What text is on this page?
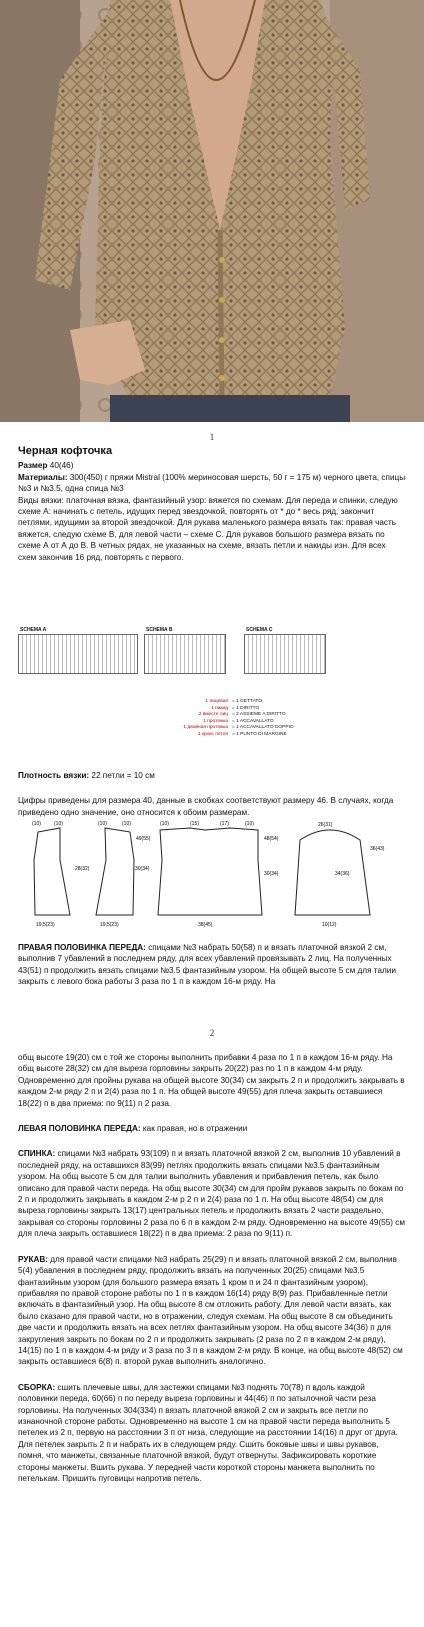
1
Черная кофточка

Размер 40(46)

Материалы: 300(450) г пряжи Mistral (100% мериносовая шерсть, 50 г = 175 м) черного цвета, спицы №3 и №3.5, одна спица №3

Виды вязки: платочная вязка, фантазийный узор: вяжется по схемам. Для переда и спинки, следую схеме А: начинать с петель, идущих перед звездочкой, повторять от * до * весь ряд, закончит петлями, идущими за второй звездочкой. Для рукава маленького размера вязать так: правая часть вяжется, следую схеме В, для левой части – схеме С. Для рукавов большого размера вязать по схеме А от А до В. В четных рядах, не указанных на схеме, вязать петли и накиды изн. Для всех схем закончив 16 ряд, повторять с первого.

SCHEMA A	SCHEMA B	SCHEMA C
1 лицевая = 1 GETTATO
1 накид = 1 DIRITTO
2 вместе лиц = 2 ASSIEME A DIRITTO
1 протяжка = 1 ACCAVALLATO
1 двойная протяжка = 1 ACCAVALLATO DOPPIO
1 кром. петля = 1 PUNTO DI MARGINE

Плотность вязки: 22 петли = 10 см

Цифры приведены для размера 40, данные в скобках соответствуют размеру 46. В случаях, когда приведено одно значение, оно относится к обоим размерам.

(10)	(10)	(10)	(10)	(10)	(15)	(17)	(10)
49(55)	48(54)
28(32)	30(34)
30(34)
19,5(23)	19,5(23)	38(45)
26(31)
36(43)
34(36)
10(12)

ПРАВАЯ ПОЛОВИНКА ПЕРЕДА: спицами №3 набрать 50(58) п и вязать платочной вязкой 2 см, выполнив 7 убавлений в последнем ряду, для всех убавлений провязывать 2 лиц. На полученных 43(51) п продолжить вязать спицами №3.5 фантазийным узором. На общей высоте 5 см для талии закрыть с левого бока работы 3 раза по 1 п в каждом 16-м ряду. На

2

общ высоте 19(20) см с той же стороны выполнить прибавки 4 раза по 1 п в каждом 16-м ряду. На общ высоте 28(32) см для выреза горловины закрыть 20(22) раз по 1 п в каждом 4-м ряду. Одновременно для пройны рукава на общей высоте 30(34) см закрыть 2 п и продолжить закрывать в каждом 2-м ряду 2 п и 2(4) раза по 1 п. На общей высоте 49(55) для плеча закрыть оставшиеся 18(22) п в два приема: по 9(11) п 2 раза.

ЛЕВАЯ ПОЛОВИНКА ПЕРЕДА: как правая, но в отражении

СПИНКА: спицами №3 набрать 93(109) п и вязать платочной вязкой 2 см, выполнив 10 убавлений в последней ряду, на оставшихся 83(99) петлях продолжить вязать спицами №3.5 фантазийным узором. На общ высоте 5 см для талии выполнить убавления и прибавления петель, как было описано для правой части переда. На общ высоте 30(34) см для пройм рукавов закрыть по бокам по 2 п и продолжить закрывать в каждом 2-м р 2 п и 2(4) раза по 1 п. На общ высоте 48(54) см для выреза горловины закрыть 13(17) центральных петель и продолжить вязать 2 части раздельно, закрывая со стороны горловины 2 раза по 6 п в каждом 2-м ряду. Одновременно на высоте 49(55) см для плеча закрыть оставшиеся 18(22) п в два приема: 2 раза по 9(11) п.

РУКАВ: для правой части спицами №3 набрать 25(29) п и вязать платочной вязкой 2 см, выполнив 5(4) убавления в последнем ряду, продолжить вязать на полученных 20(25) спицами №3.5 фантазийным узором (для большого размера вязать 1 кром п и 24 п фантазийным узором), прибавляя по правой стороне работы по 1 п в каждом 16(14) ряду 8(9) раз. Прибавленные петли включать в фантазийный узор. На общ высоте 8 см отложить работу. Для левой части вязать, как было сказано для правой части, но в отражении, следуя схемам. На общ высоте 8 см объединить две части и продолжить вязать на всех петлях фантазийным узором. На общ высоте 34(36) п для закругления закрыть по бокам по 2 п и продолжить закрывать (2 раза по 2 п в каждом 2-м ряду), 14(15) по 1 п в каждом 4-м ряду и 3 раза по 3 п в каждом 2-м ряду. В конце, на общ высоте 48(52) см закрыть оставшиеся 6(8) п. второй рукав выполнить аналогично.

СБОРКА: сшить плечевые швы, для застежки спицами №3 поднять 70(78) п вдоль каждой половинки переда, 60(66) п по переду выреза горловины и 44(46) п по затылочной части реза горловины. На полученных 304(334) п вязать платочной вязкой 2 см и закрыть все петли по изнаночной стороне работы. Одновременно на высоте 1 см на правой части переда выполнить 5 петелек из 2 п, первую на расстоянии 3 п от низа, следующие на расстоянии 14(16) п друг от друга. Для петелек закрыть 2 п и набрать их в следующем ряду. Сшить боковые швы и швы рукавов, помня, что манжеты, связанные платочной вязкой, будут отвернуты. Зафиксировать короткие стороны манжеты. Вшить рукава. У передней части короткой стороны манжета выполнить по петелькам. Пришить пуговицы напротив петель.
